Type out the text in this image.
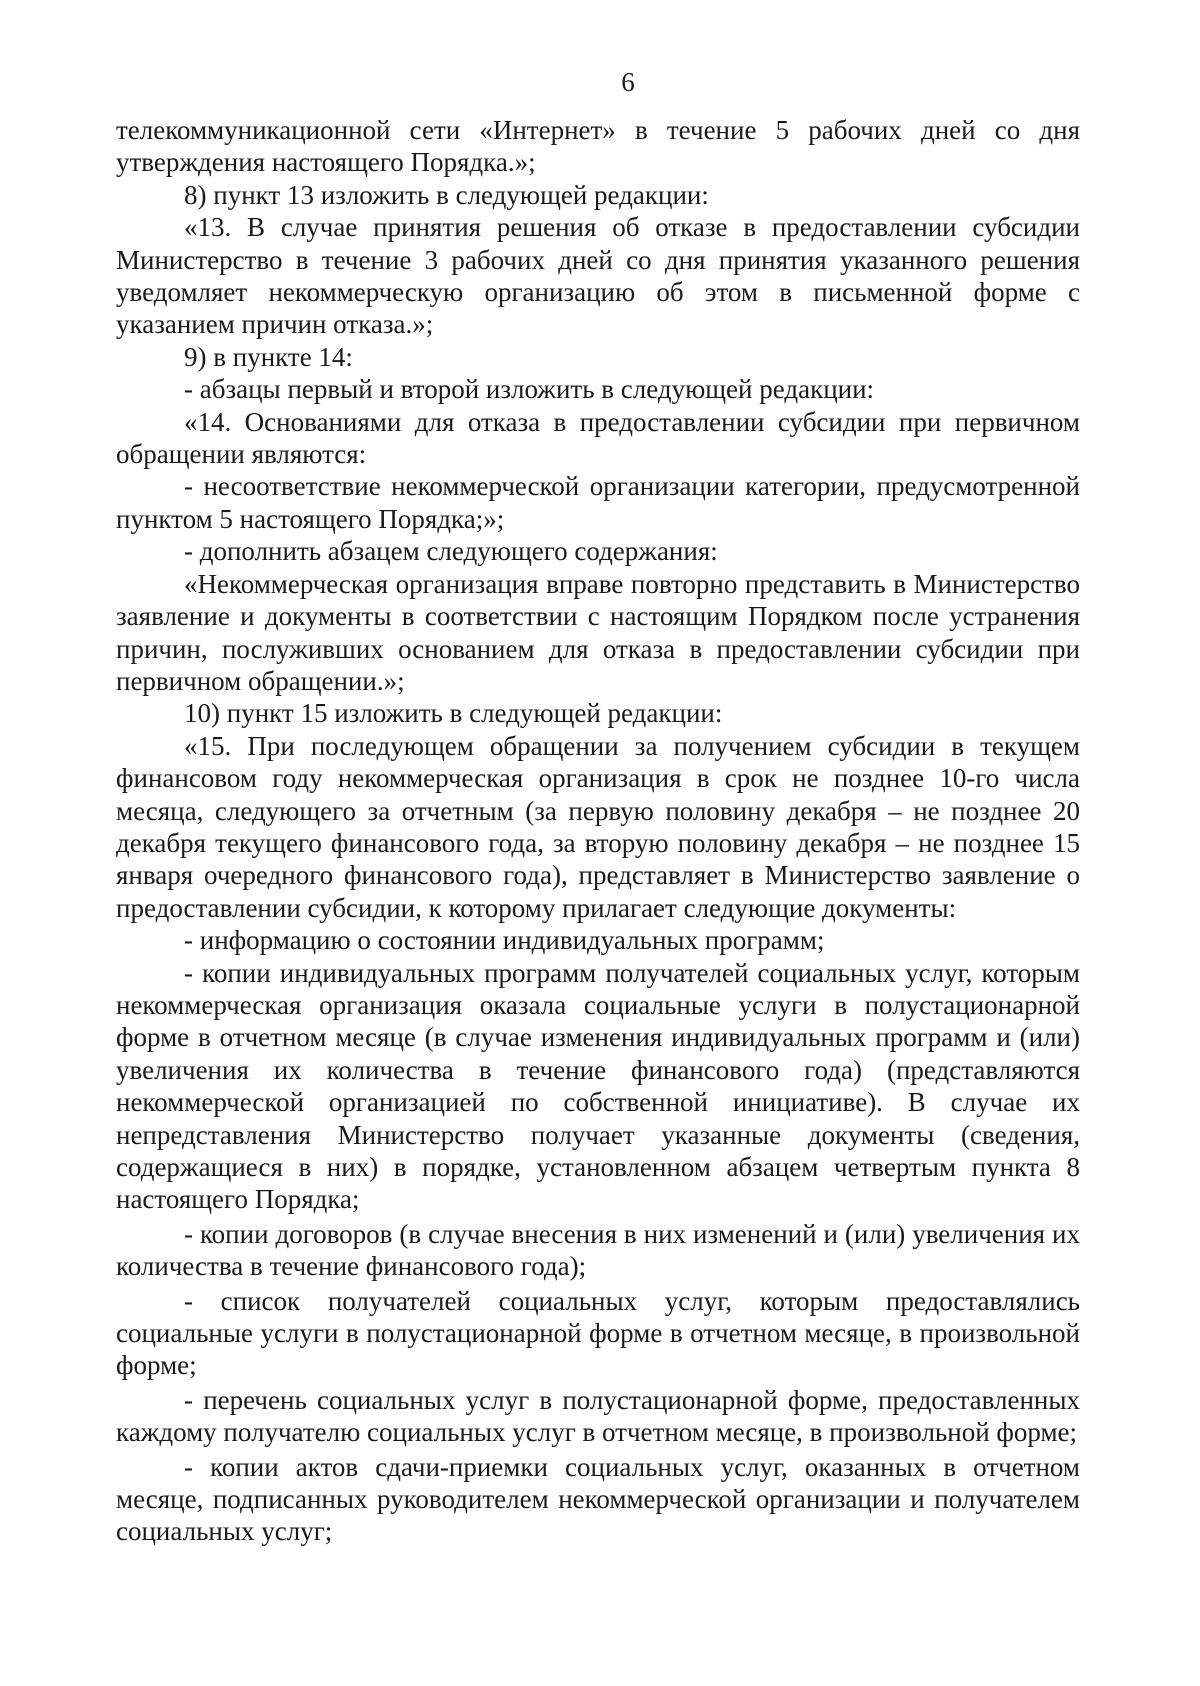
6

телекоммуникационной сети «Интернет» в течение 5 рабочих дней со дня утверждения настоящего Порядка.»;

8) пункт 13 изложить в следующей редакции:

«13. В случае принятия решения об отказе в предоставлении субсидии Министерство в течение 3 рабочих дней со дня принятия указанного решения уведомляет некоммерческую организацию об этом в письменной форме с указанием причин отказа.»;

9) в пункте 14:

- абзацы первый и второй изложить в следующей редакции:

«14. Основаниями для отказа в предоставлении субсидии при первичном обращении являются:

- несоответствие некоммерческой организации категории, предусмотренной пунктом 5 настоящего Порядка;»;

- дополнить абзацем следующего содержания:

«Некоммерческая организация вправе повторно представить в Министерство заявление и документы в соответствии с настоящим Порядком после устранения причин, послуживших основанием для отказа в предоставлении субсидии при первичном обращении.»;

10) пункт 15 изложить в следующей редакции:

«15. При последующем обращении за получением субсидии в текущем финансовом году некоммерческая организация в срок не позднее 10-го числа месяца, следующего за отчетным (за первую половину декабря – не позднее 20 декабря текущего финансового года, за вторую половину декабря – не позднее 15 января очередного финансового года), представляет в Министерство заявление о предоставлении субсидии, к которому прилагает следующие документы:

- информацию о состоянии индивидуальных программ;

- копии индивидуальных программ получателей социальных услуг, которым некоммерческая организация оказала социальные услуги в полустационарной форме в отчетном месяце (в случае изменения индивидуальных программ и (или) увеличения их количества в течение финансового года) (представляются некоммерческой организацией по собственной инициативе). В случае их непредставления Министерство получает указанные документы (сведения, содержащиеся в них) в порядке, установленном абзацем четвертым пункта 8 настоящего Порядка;

- копии договоров (в случае внесения в них изменений и (или) увеличения их количества в течение финансового года);

- список получателей социальных услуг, которым предоставлялись социальные услуги в полустационарной форме в отчетном месяце, в произвольной форме;

- перечень социальных услуг в полустационарной форме, предоставленных каждому получателю социальных услуг в отчетном месяце, в произвольной форме;

- копии актов сдачи-приемки социальных услуг, оказанных в отчетном месяце, подписанных руководителем некоммерческой организации и получателем социальных услуг;
